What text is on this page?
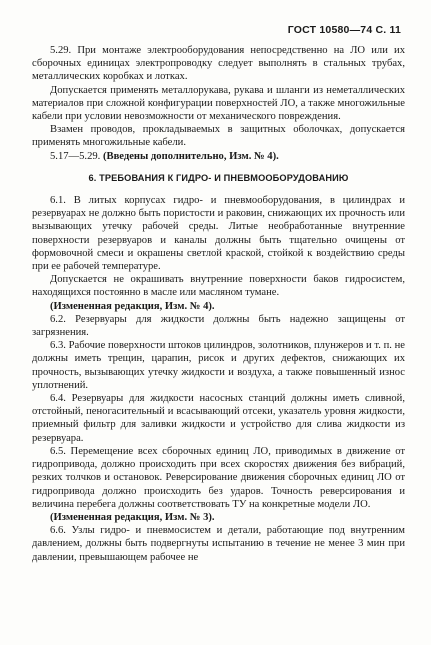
ГОСТ 10580—74 С. 11

5.29. При монтаже электрооборудования непосредственно на ЛО или их сборочных единицах электропроводку следует выполнять в стальных трубах, металлических коробках и лотках.

Допускается применять металлорукава, рукава и шланги из неметаллических материалов при сложной конфигурации поверхностей ЛО, а также многожильные кабели при условии невозможности от механического повреждения.

Взамен проводов, прокладываемых в защитных оболочках, допускается применять многожильные кабели.

5.17—5.29. (Введены дополнительно, Изм. № 4).

6. ТРЕБОВАНИЯ К ГИДРО- И ПНЕВМООБОРУДОВАНИЮ

6.1. В литых корпусах гидро- и пневмооборудования, в цилиндрах и резервуарах не должно быть пористости и раковин, снижающих их прочность или вызывающих утечку рабочей среды. Литые необработанные внутренние поверхности резервуаров и каналы должны быть тщательно очищены от формовочной смеси и окрашены светлой краской, стойкой к воздействию среды при ее рабочей температуре.

Допускается не окрашивать внутренние поверхности баков гидросистем, находящихся постоянно в масле или масляном тумане.

(Измененная редакция, Изм. № 4).

6.2. Резервуары для жидкости должны быть надежно защищены от загрязнения.

6.3. Рабочие поверхности штоков цилиндров, золотников, плунжеров и т. п. не должны иметь трещин, царапин, рисок и других дефектов, снижающих их прочность, вызывающих утечку жидкости и воздуха, а также повышенный износ уплотнений.

6.4. Резервуары для жидкости насосных станций должны иметь сливной, отстойный, пеногасительный и всасывающий отсеки, указатель уровня жидкости, приемный фильтр для заливки жидкости и устройство для слива жидкости из резервуара.

6.5. Перемещение всех сборочных единиц ЛО, приводимых в движение от гидропривода, должно происходить при всех скоростях движения без вибраций, резких толчков и остановок. Реверсирование движения сборочных единиц ЛО от гидропривода должно происходить без ударов. Точность реверсирования и величина перебега должны соответствовать ТУ на конкретные модели ЛО.

(Измененная редакция, Изм. № 3).

6.6. Узлы гидро- и пневмосистем и детали, работающие под внутренним давлением, должны быть подвергнуты испытанию в течение не менее 3 мин при давлении, превышающем рабочее не
